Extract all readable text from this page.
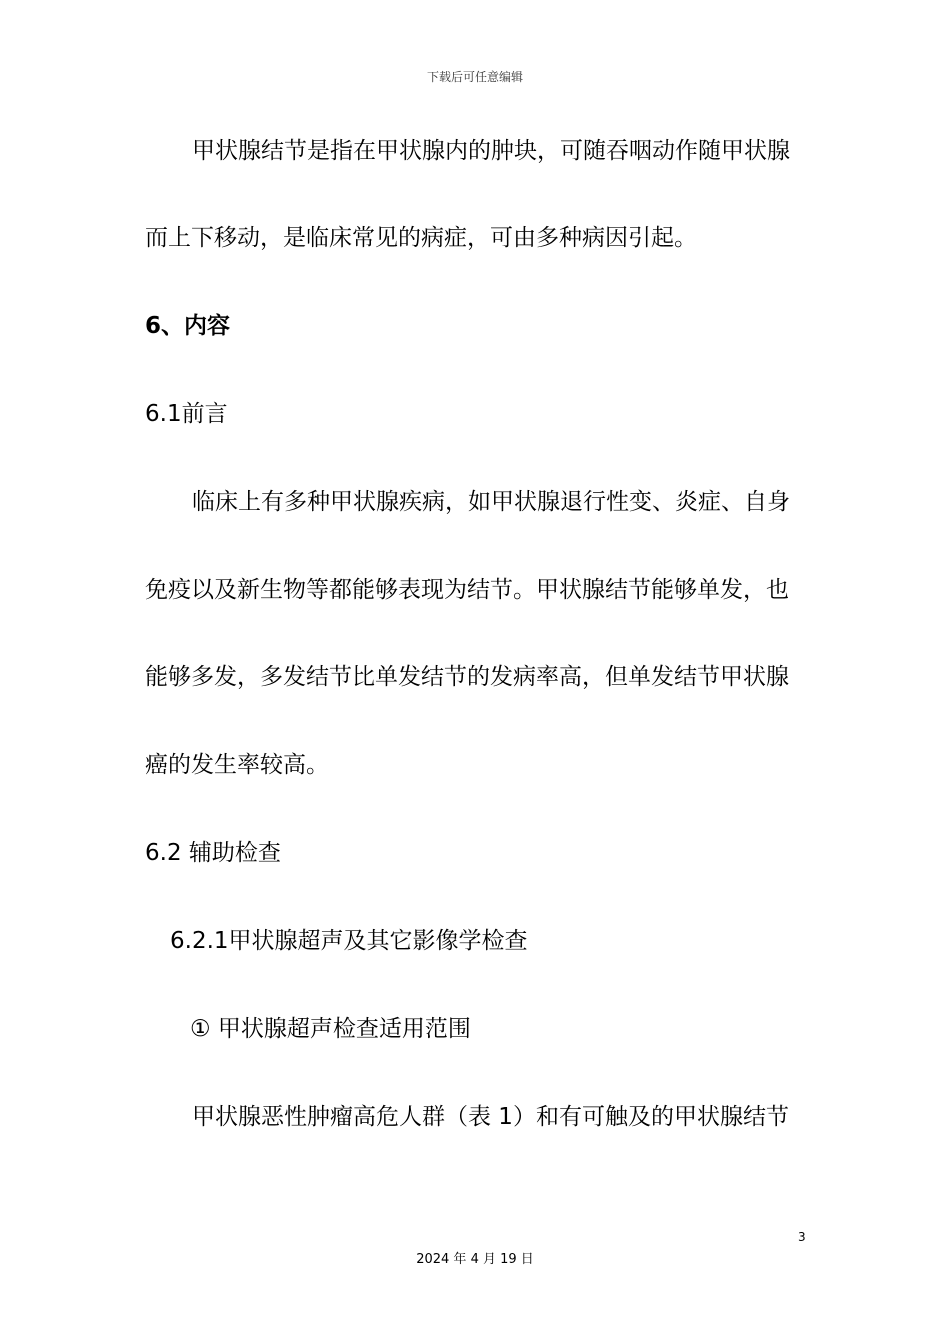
下载后可任意编辑
甲状腺结节是指在甲状腺内的肿块，可随吞咽动作随甲状腺
而上下移动，是临床常见的病症，可由多种病因引起。
6、内容
6.1前言
临床上有多种甲状腺疾病，如甲状腺退行性变、炎症、自身
免疫以及新生物等都能够表现为结节。甲状腺结节能够单发，也
能够多发，多发结节比单发结节的发病率高，但单发结节甲状腺
癌的发生率较高。
6.2 辅助检查
6.2.1甲状腺超声及其它影像学检查
① 甲状腺超声检查适用范围
甲状腺恶性肿瘤高危人群（表 1）和有可触及的甲状腺结节
3
2024 年 4 月 19 日
